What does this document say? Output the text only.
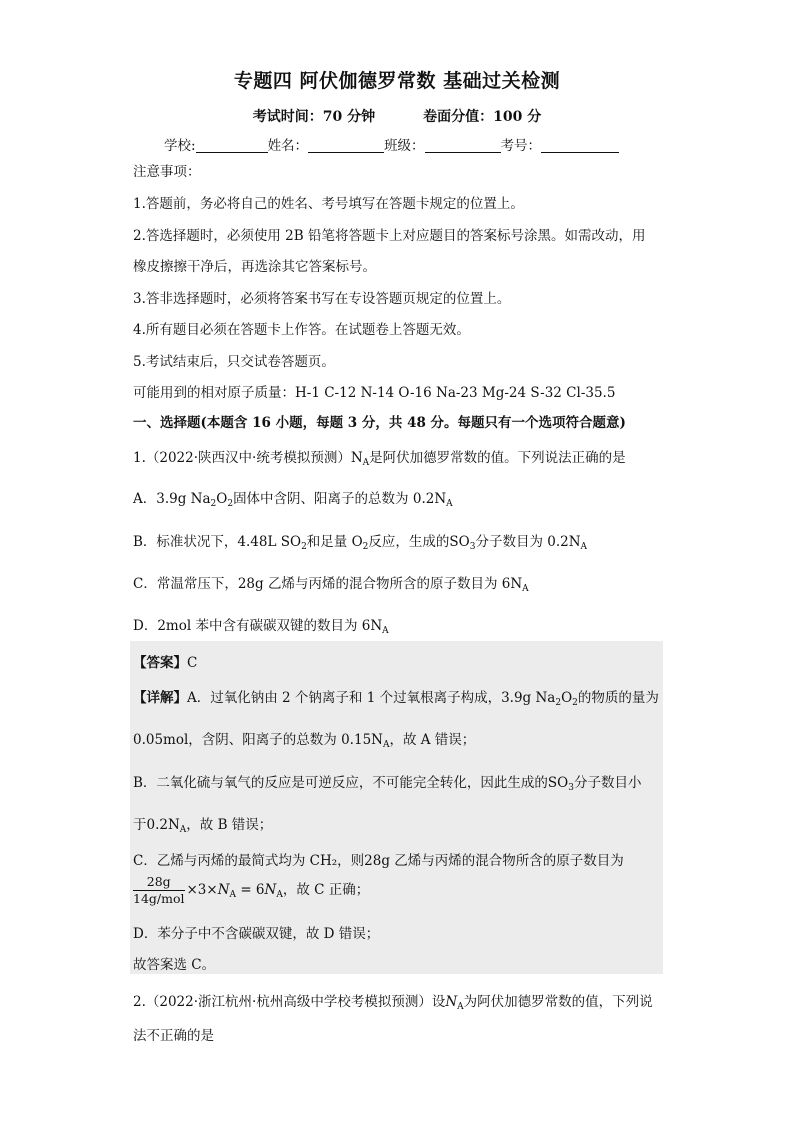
专题四 阿伏伽德罗常数 基础过关检测
考试时间：70 分钟	卷面分值：100 分
学校:	姓名：	班级：	考号：
注意事项：
1.答题前，务必将自己的姓名、考号填写在答题卡规定的位置上。
2.答选择题时，必须使用 2B 铅笔将答题卡上对应题目的答案标号涂黑。如需改动，用
橡皮擦擦干净后，再选涂其它答案标号。
3.答非选择题时，必须将答案书写在专设答题页规定的位置上。
4.所有题目必须在答题卡上作答。在试题卷上答题无效。
5.考试结束后，只交试卷答题页。
可能用到的相对原子质量：H-1 C-12 N-14 O-16 Na-23 Mg-24 S-32 Cl-35.5
一、选择题(本题含 16 小题，每题 3 分，共 48 分。每题只有一个选项符合题意)
1.（2022·陕西汉中·统考模拟预测）$N_A$是阿伏加德罗常数的值。下列说法正确的是
A．3.9g $Na_2O_2$固体中含阴、阳离子的总数为 $0.2N_A$
B．标准状况下，4.48L $SO_2$和足量 $O_2$反应，生成的$SO_3$分子数目为 $0.2N_A$
C．常温常压下，28g 乙烯与丙烯的混合物所含的原子数目为 $6N_A$
D．2mol 苯中含有碳碳双键的数目为 $6N_A$
【答案】C
【详解】A．过氧化钠由 2 个钠离子和 1 个过氧根离子构成，3.9g $Na_2O_2$的物质的量为
0.05mol，含阴、阳离子的总数为 $0.15N_A$，故 A 错误；
B．二氧化硫与氧气的反应是可逆反应，不可能完全转化，因此生成的$SO_3$分子数目小
于$0.2N_A$，故 B 错误；
C．乙烯与丙烯的最简式均为 CH₂，则28g 乙烯与丙烯的混合物所含的原子数目为
$\frac{28g}{\text{14g/mol}} \times 3\times N_A = 6N_A$，故 C 正确；
D．苯分子中不含碳碳双键，故 D 错误；
故答案选 C。
2.（2022·浙江杭州·杭州高级中学校考模拟预测）设$N_A$为阿伏加德罗常数的值，下列说
法不正确的是
